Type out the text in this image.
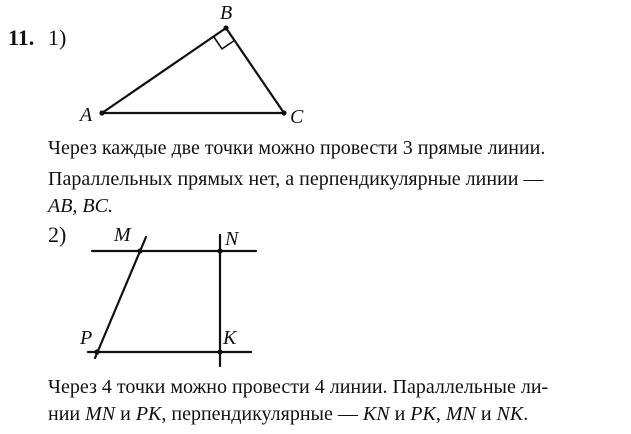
11. 1)
B
A	C
Через каждые две точки можно провести 3 прямые линии.
Параллельных прямых нет, а перпендикулярные линии —
AB, BC.
2) M	N
P	K
Через 4 точки можно провести 4 линии. Параллельные ли-
нии MN и PK, перпендикулярные — KN и PK, MN и NK.
